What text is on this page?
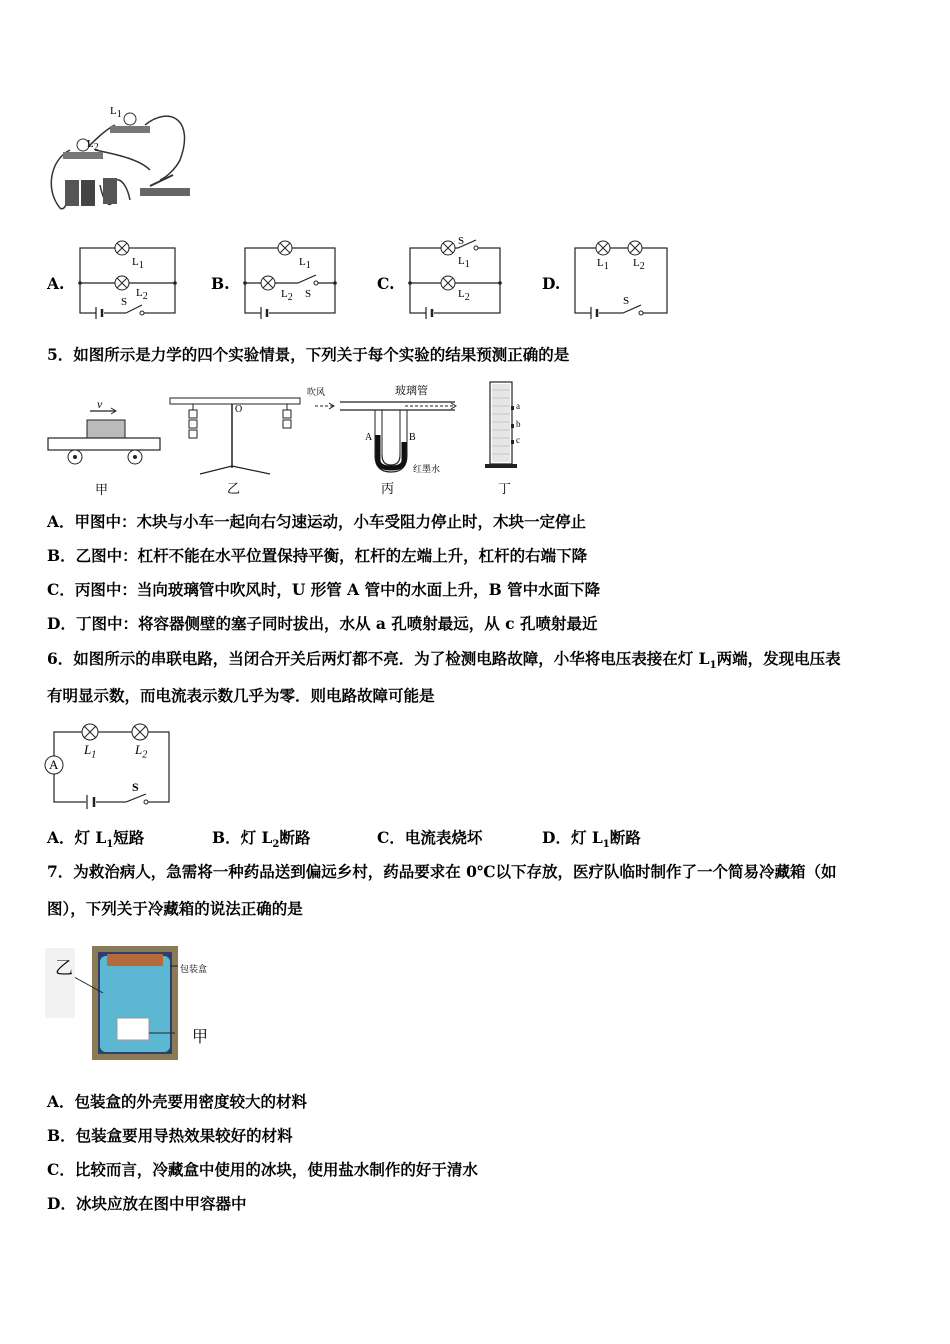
$L_1$
$L_2$
A.
$L_1$
$L_2$
S
B.
$L_1$
$L_2$ S
C.
S
$L_1$
$L_2$
D.
$L_1$ $L_2$
S
5．如图所示是力学的四个实验情景，下列关于每个实验的结果预测正确的是
v
甲
O
乙
玻璃管
吹风
A	B
红墨水
丙
a
b
c
丁
A．甲图中：木块与小车一起向右匀速运动，小车受阻力停止时，木块一定停止
B．乙图中：杠杆不能在水平位置保持平衡，杠杆的左端上升，杠杆的右端下降
C．丙图中：当向玻璃管中吹风时，U 形管 A 管中的水面上升，B 管中水面下降
D．丁图中：将容器侧壁的塞子同时拔出，水从 a 孔喷射最远，从 c 孔喷射最近
6．如图所示的串联电路，当闭合开关后两灯都不亮．为了检测电路故障，小华将电压表接在灯 $L_1$两端，发现电压表
有明显示数，而电流表示数几乎为零．则电路故障可能是
A
$L_1$	$L_2$
S
A．灯 $L_1$短路	B．灯 $L_2$断路	C．电流表烧坏	D．灯 $L_1$断路
7．为救治病人，急需将一种药品送到偏远乡村，药品要求在 0℃以下存放，医疗队临时制作了一个简易冷藏箱（如
图），下列关于冷藏箱的说法正确的是
乙	包装盒
甲
A．包装盒的外壳要用密度较大的材料
B．包装盒要用导热效果较好的材料
C．比较而言，冷藏盒中使用的冰块，使用盐水制作的好于清水
D．冰块应放在图中甲容器中
